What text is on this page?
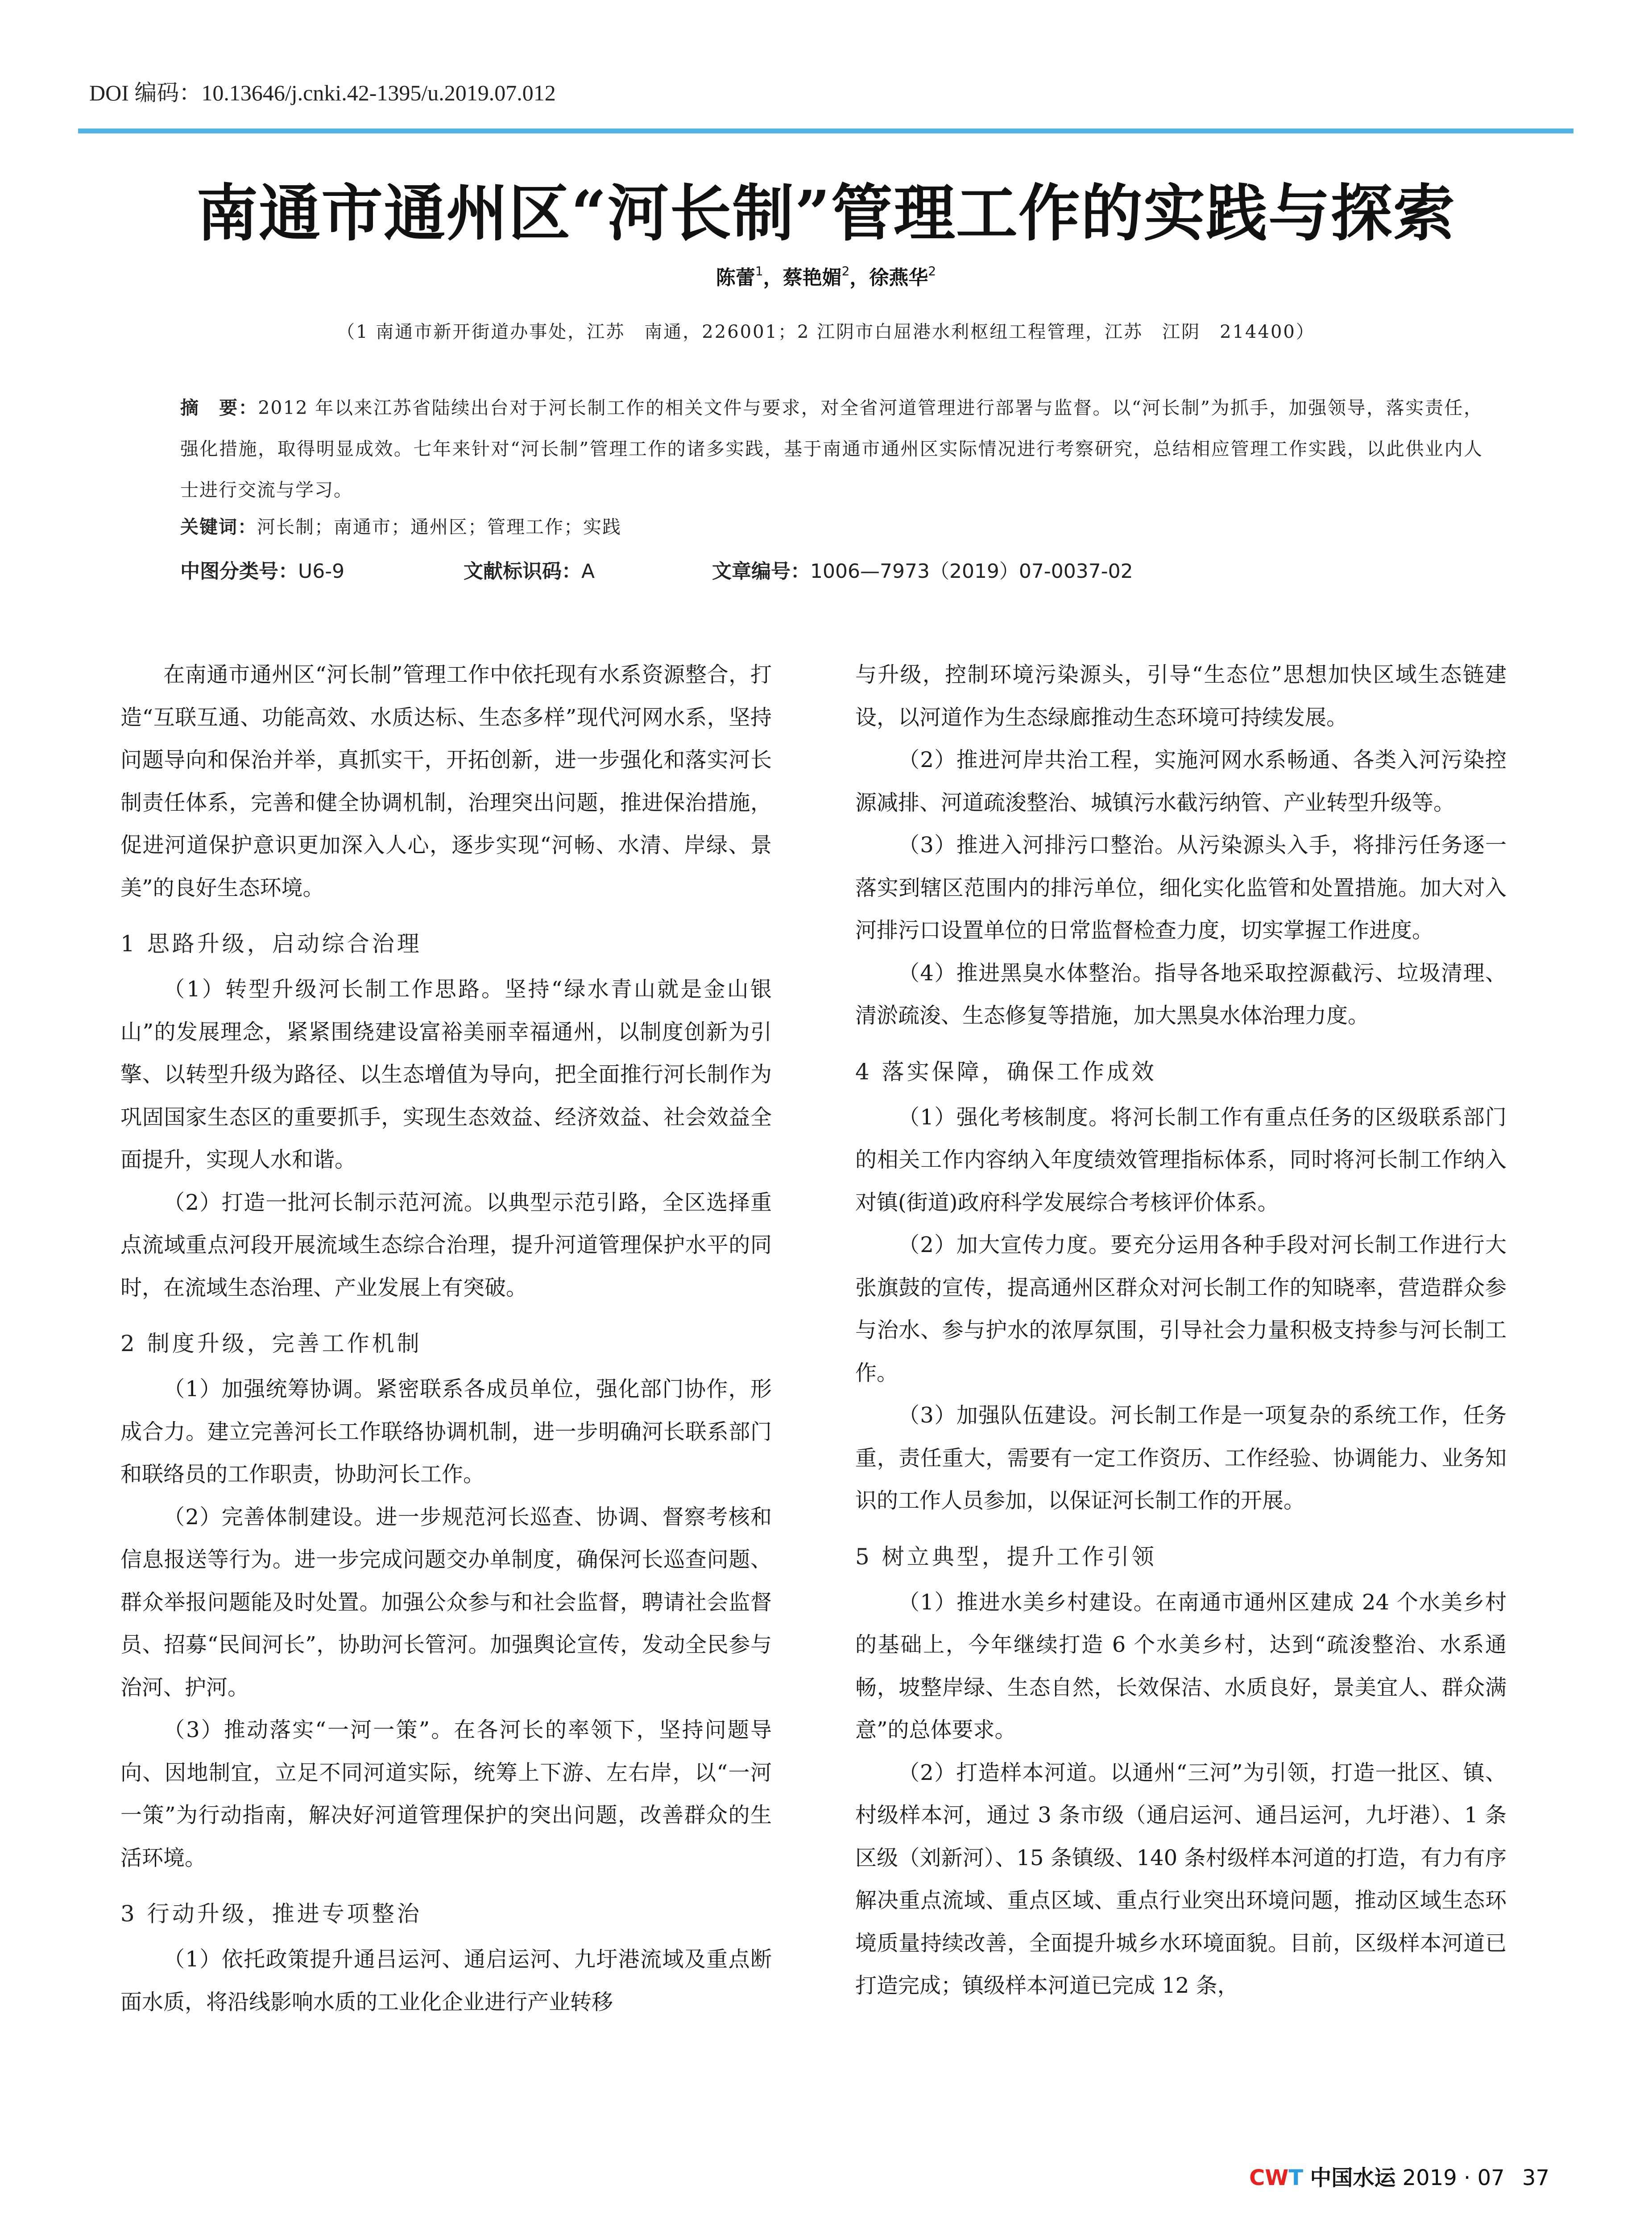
DOI 编码：10.13646/j.cnki.42-1395/u.2019.07.012
南通市通州区“河长制”管理工作的实践与探索
陈蕾$^1$，蔡艳媚$^2$，徐燕华$^2$
（1 南通市新开街道办事处，江苏　南通，226001；2 江阴市白屈港水利枢纽工程管理，江苏　江阴　214400）
摘　要：2012 年以来江苏省陆续出台对于河长制工作的相关文件与要求，对全省河道管理进行部署与监督。以“河长制”为抓手，加强领导，落实责任，强化措施，取得明显成效。七年来针对“河长制”管理工作的诸多实践，基于南通市通州区实际情况进行考察研究，总结相应管理工作实践，以此供业内人士进行交流与学习。
关键词：河长制；南通市；通州区；管理工作；实践
中图分类号：U6-9	文献标识码：A	文章编号：1006—7973（2019）07-0037-02

在南通市通州区“河长制”管理工作中依托现有水系资源整合，打造“互联互通、功能高效、水质达标、生态多样”现代河网水系，坚持问题导向和保治并举，真抓实干，开拓创新，进一步强化和落实河长制责任体系，完善和健全协调机制，治理突出问题，推进保治措施，促进河道保护意识更加深入人心，逐步实现“河畅、水清、岸绿、景美”的良好生态环境。

1 思路升级，启动综合治理

（1）转型升级河长制工作思路。坚持“绿水青山就是金山银山”的发展理念，紧紧围绕建设富裕美丽幸福通州，以制度创新为引擎、以转型升级为路径、以生态增值为导向，把全面推行河长制作为巩固国家生态区的重要抓手，实现生态效益、经济效益、社会效益全面提升，实现人水和谐。

（2）打造一批河长制示范河流。以典型示范引路，全区选择重点流域重点河段开展流域生态综合治理，提升河道管理保护水平的同时，在流域生态治理、产业发展上有突破。

2 制度升级，完善工作机制

（1）加强统筹协调。紧密联系各成员单位，强化部门协作，形成合力。建立完善河长工作联络协调机制，进一步明确河长联系部门和联络员的工作职责，协助河长工作。

（2）完善体制建设。进一步规范河长巡查、协调、督察考核和信息报送等行为。进一步完成问题交办单制度，确保河长巡查问题、群众举报问题能及时处置。加强公众参与和社会监督，聘请社会监督员、招募“民间河长”，协助河长管河。加强舆论宣传，发动全民参与治河、护河。

（3）推动落实“一河一策”。在各河长的率领下，坚持问题导向、因地制宜，立足不同河道实际，统筹上下游、左右岸，以“一河一策”为行动指南，解决好河道管理保护的突出问题，改善群众的生活环境。

3 行动升级，推进专项整治

（1）依托政策提升通吕运河、通启运河、九圩港流域及重点断面水质，将沿线影响水质的工业化企业进行产业转移

与升级，控制环境污染源头，引导“生态位”思想加快区域生态链建设，以河道作为生态绿廊推动生态环境可持续发展。

（2）推进河岸共治工程，实施河网水系畅通、各类入河污染控源减排、河道疏浚整治、城镇污水截污纳管、产业转型升级等。

（3）推进入河排污口整治。从污染源头入手，将排污任务逐一落实到辖区范围内的排污单位，细化实化监管和处置措施。加大对入河排污口设置单位的日常监督检查力度，切实掌握工作进度。

（4）推进黑臭水体整治。指导各地采取控源截污、垃圾清理、清淤疏浚、生态修复等措施，加大黑臭水体治理力度。

4 落实保障，确保工作成效

（1）强化考核制度。将河长制工作有重点任务的区级联系部门的相关工作内容纳入年度绩效管理指标体系，同时将河长制工作纳入对镇(街道)政府科学发展综合考核评价体系。

（2）加大宣传力度。要充分运用各种手段对河长制工作进行大张旗鼓的宣传，提高通州区群众对河长制工作的知晓率，营造群众参与治水、参与护水的浓厚氛围，引导社会力量积极支持参与河长制工作。

（3）加强队伍建设。河长制工作是一项复杂的系统工作，任务重，责任重大，需要有一定工作资历、工作经验、协调能力、业务知识的工作人员参加，以保证河长制工作的开展。

5 树立典型，提升工作引领

（1）推进水美乡村建设。在南通市通州区建成 24 个水美乡村的基础上，今年继续打造 6 个水美乡村，达到“疏浚整治、水系通畅，坡整岸绿、生态自然，长效保洁、水质良好，景美宜人、群众满意”的总体要求。

（2）打造样本河道。以通州“三河”为引领，打造一批区、镇、村级样本河，通过 3 条市级（通启运河、通吕运河，九圩港）、1 条区级（刘新河）、15 条镇级、140 条村级样本河道的打造，有力有序解决重点流域、重点区域、重点行业突出环境问题，推动区域生态环境质量持续改善，全面提升城乡水环境面貌。目前，区级样本河道已打造完成；镇级样本河道已完成 12 条，

CWT 中国水运 2019 · 07 37
